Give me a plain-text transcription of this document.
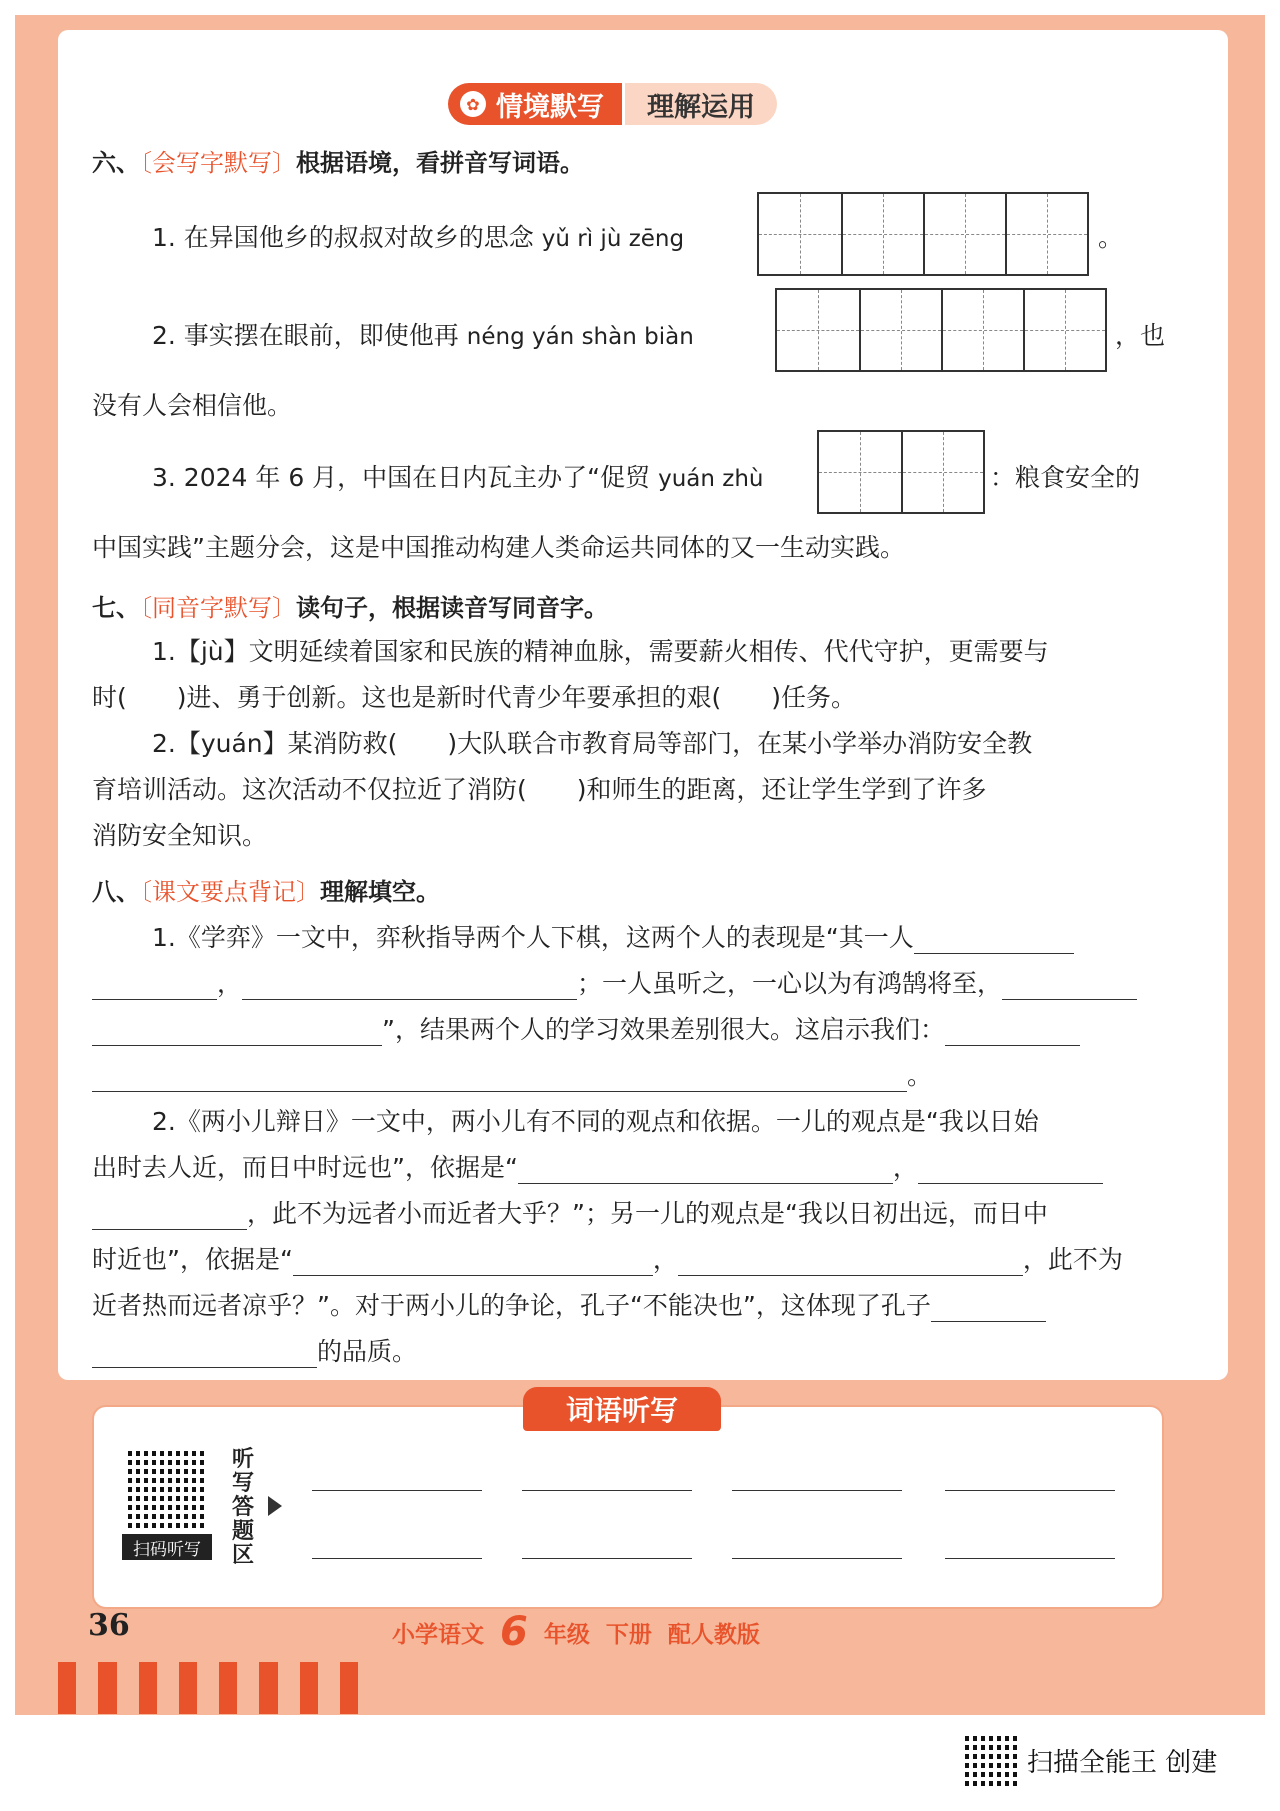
✿ 情境默写	理解运用
六、〔会写字默写〕根据语境，看拼音写词语。
1. 在异国他乡的叔叔对故乡的思念 yǔ rì jù zēng	。
2. 事实摆在眼前，即使他再 néng yán shàn biàn	，也
没有人会相信他。
3. 2024 年 6 月，中国在日内瓦主办了“促贸 yuán zhù	：粮食安全的
中国实践”主题分会，这是中国推动构建人类命运共同体的又一生动实践。
七、〔同音字默写〕读句子，根据读音写同音字。
1.【jù】文明延续着国家和民族的精神血脉，需要薪火相传、代代守护，更需要与
时(　　)进、勇于创新。这也是新时代青少年要承担的艰(　　)任务。
2.【yuán】某消防救(　　)大队联合市教育局等部门，在某小学举办消防安全教
育培训活动。这次活动不仅拉近了消防(　　)和师生的距离，还让学生学到了许多
消防安全知识。
八、〔课文要点背记〕理解填空。
1.《学弈》一文中，弈秋指导两个人下棋，这两个人的表现是“其一人
，	；一人虽听之，一心以为有鸿鹄将至，
”，结果两个人的学习效果差别很大。这启示我们：
。
2.《两小儿辩日》一文中，两小儿有不同的观点和依据。一儿的观点是“我以日始
出时去人近，而日中时远也”，依据是“	，
，此不为远者小而近者大乎？”；另一儿的观点是“我以日初出远，而日中
时近也”，依据是“	，	，此不为
近者热而远者凉乎？”。对于两小儿的争论，孔子“不能决也”，这体现了孔子
的品质。
词语听写
扫码听写
听写答题区
36	小学语文 6 年级 下册 配人教版
扫描全能王 创建
